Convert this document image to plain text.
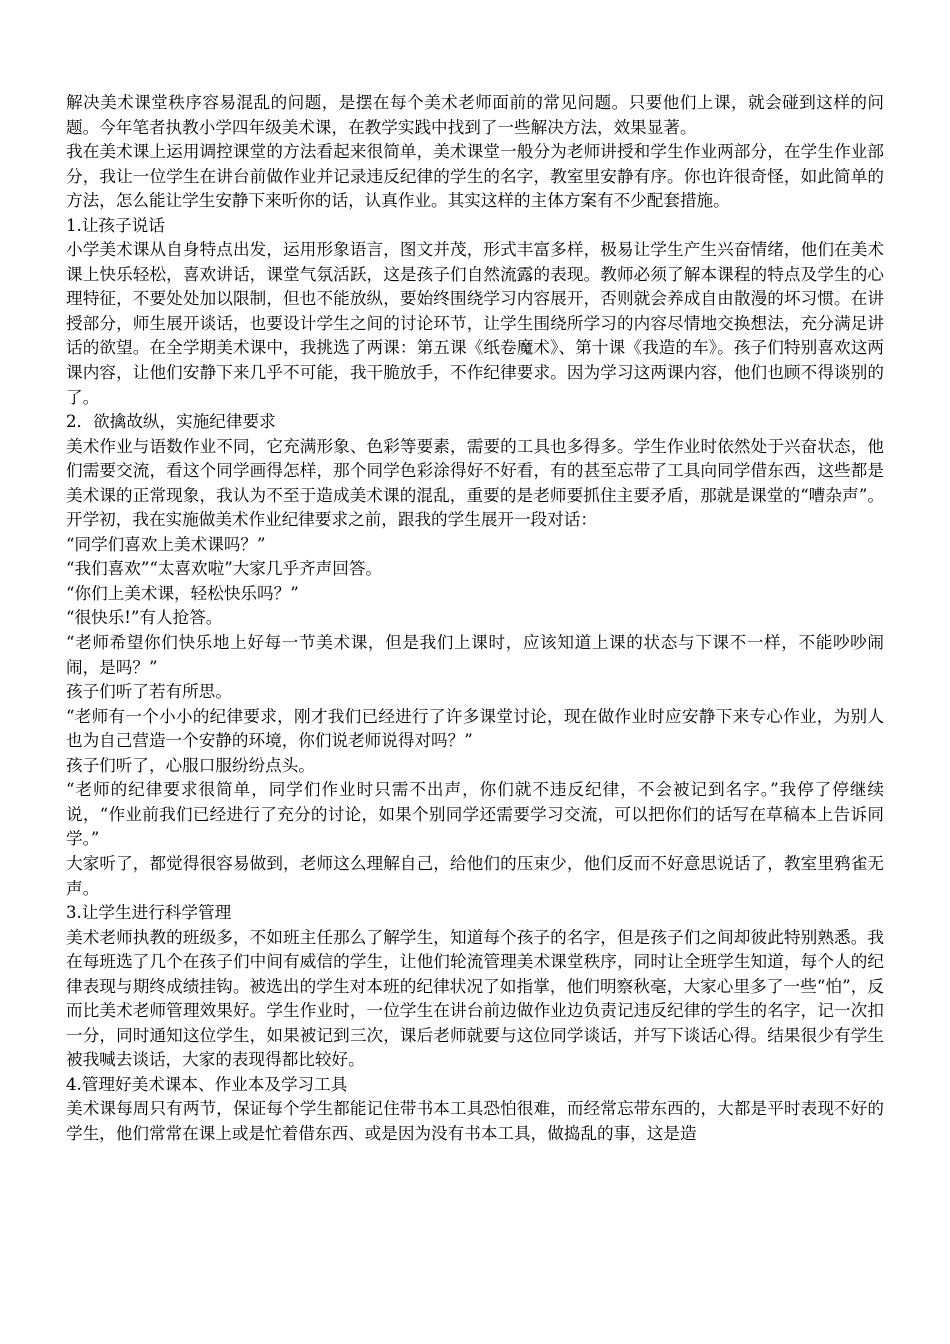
解决美术课堂秩序容易混乱的问题，是摆在每个美术老师面前的常见问题。只要他们上课，就会碰到这样的问题。今年笔者执教小学四年级美术课，在教学实践中找到了一些解决方法，效果显著。

我在美术课上运用调控课堂的方法看起来很简单，美术课堂一般分为老师讲授和学生作业两部分，在学生作业部分，我让一位学生在讲台前做作业并记录违反纪律的学生的名字，教室里安静有序。你也许很奇怪，如此简单的方法，怎么能让学生安静下来听你的话，认真作业。其实这样的主体方案有不少配套措施。

1.让孩子说话

小学美术课从自身特点出发，运用形象语言，图文并茂，形式丰富多样，极易让学生产生兴奋情绪，他们在美术课上快乐轻松，喜欢讲话，课堂气氛活跃，这是孩子们自然流露的表现。教师必须了解本课程的特点及学生的心理特征，不要处处加以限制，但也不能放纵，要始终围绕学习内容展开，否则就会养成自由散漫的坏习惯。在讲授部分，师生展开谈话，也要设计学生之间的讨论环节，让学生围绕所学习的内容尽情地交换想法，充分满足讲话的欲望。在全学期美术课中，我挑选了两课：第五课《纸卷魔术》、第十课《我造的车》。孩子们特别喜欢这两课内容，让他们安静下来几乎不可能，我干脆放手，不作纪律要求。因为学习这两课内容，他们也顾不得谈别的了。

2．欲擒故纵，实施纪律要求

美术作业与语数作业不同，它充满形象、色彩等要素，需要的工具也多得多。学生作业时依然处于兴奋状态，他们需要交流，看这个同学画得怎样，那个同学色彩涂得好不好看，有的甚至忘带了工具向同学借东西，这些都是美术课的正常现象，我认为不至于造成美术课的混乱，重要的是老师要抓住主要矛盾，那就是课堂的“嘈杂声”。开学初，我在实施做美术作业纪律要求之前，跟我的学生展开一段对话：

“同学们喜欢上美术课吗？”

“我们喜欢”“太喜欢啦”大家几乎齐声回答。

“你们上美术课，轻松快乐吗？”

“很快乐!”有人抢答。

“老师希望你们快乐地上好每一节美术课，但是我们上课时，应该知道上课的状态与下课不一样，不能吵吵闹闹，是吗？”

孩子们听了若有所思。

“老师有一个小小的纪律要求，刚才我们已经进行了许多课堂讨论，现在做作业时应安静下来专心作业，为别人也为自己营造一个安静的环境，你们说老师说得对吗？”

孩子们听了，心服口服纷纷点头。

“老师的纪律要求很简单，同学们作业时只需不出声，你们就不违反纪律，不会被记到名字。”我停了停继续说，“作业前我们已经进行了充分的讨论，如果个别同学还需要学习交流，可以把你们的话写在草稿本上告诉同学。”

大家听了，都觉得很容易做到，老师这么理解自己，给他们的压束少，他们反而不好意思说话了，教室里鸦雀无声。

3.让学生进行科学管理

美术老师执教的班级多，不如班主任那么了解学生，知道每个孩子的名字，但是孩子们之间却彼此特别熟悉。我在每班选了几个在孩子们中间有威信的学生，让他们轮流管理美术课堂秩序，同时让全班学生知道，每个人的纪律表现与期终成绩挂钩。被选出的学生对本班的纪律状况了如指掌，他们明察秋毫，大家心里多了一些“怕”，反而比美术老师管理效果好。学生作业时，一位学生在讲台前边做作业边负责记违反纪律的学生的名字，记一次扣一分，同时通知这位学生，如果被记到三次，课后老师就要与这位同学谈话，并写下谈话心得。结果很少有学生被我喊去谈话，大家的表现得都比较好。

4.管理好美术课本、作业本及学习工具

美术课每周只有两节，保证每个学生都能记住带书本工具恐怕很难，而经常忘带东西的，大都是平时表现不好的学生，他们常常在课上或是忙着借东西、或是因为没有书本工具，做捣乱的事，这是造
